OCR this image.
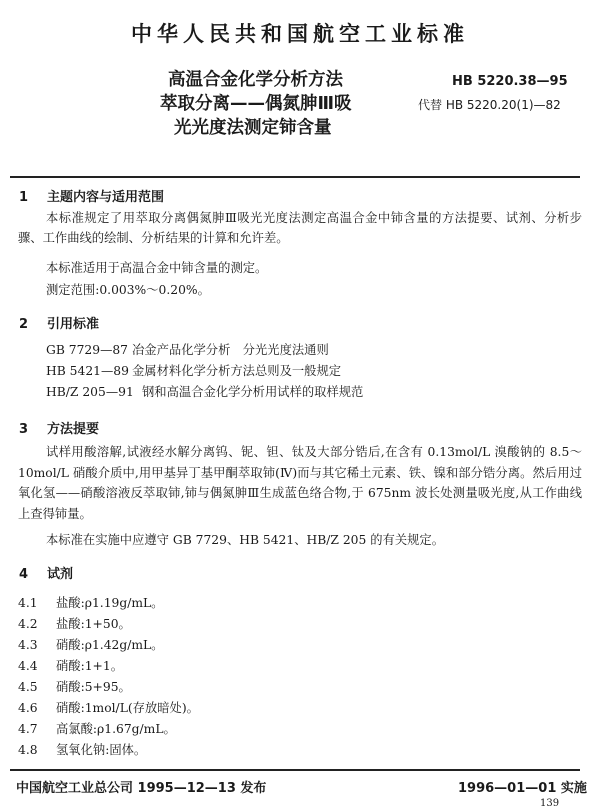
中华人民共和国航空工业标准
高温合金化学分析方法
萃取分离——偶氮胂Ⅲ吸
光光度法测定铈含量
HB 5220.38—95
代替 HB 5220.20(1)—82
1 主题内容与适用范围
本标准规定了用萃取分离偶氮胂Ⅲ吸光光度法测定高温合金中铈含量的方法提要、试剂、分析步骤、工作曲线的绘制、分析结果的计算和允许差。
本标准适用于高温合金中铈含量的测定。
测定范围:0.003%～0.20%。
2 引用标准
GB 7729—87 冶金产品化学分析　分光光度法通则
HB 5421—89 金属材料化学分析方法总则及一般规定
HB/Z 205—91 钢和高温合金化学分析用试样的取样规范
3 方法提要
试样用酸溶解,试液经水解分离钨、铌、钽、钛及大部分锆后,在含有 0.13mol/L 溴酸钠的 8.5～10mol/L 硝酸介质中,用甲基异丁基甲酮萃取铈(Ⅳ)而与其它稀土元素、铁、镍和部分锆分离。然后用过氧化氢——硝酸溶液反萃取铈,铈与偶氮胂Ⅲ生成蓝色络合物,于 675nm 波长处测量吸光度,从工作曲线上查得铈量。
本标准在实施中应遵守 GB 7729、HB 5421、HB/Z 205 的有关规定。
4 试剂
4.1 盐酸:ρ1.19g/mL。
4.2 盐酸:1+50。
4.3 硝酸:ρ1.42g/mL。
4.4 硝酸:1+1。
4.5 硝酸:5+95。
4.6 硝酸:1mol/L(存放暗处)。
4.7 高氯酸:ρ1.67g/mL。
4.8 氢氧化钠:固体。
中国航空工业总公司 1995—12—13 发布	1996—01—01 实施
139
